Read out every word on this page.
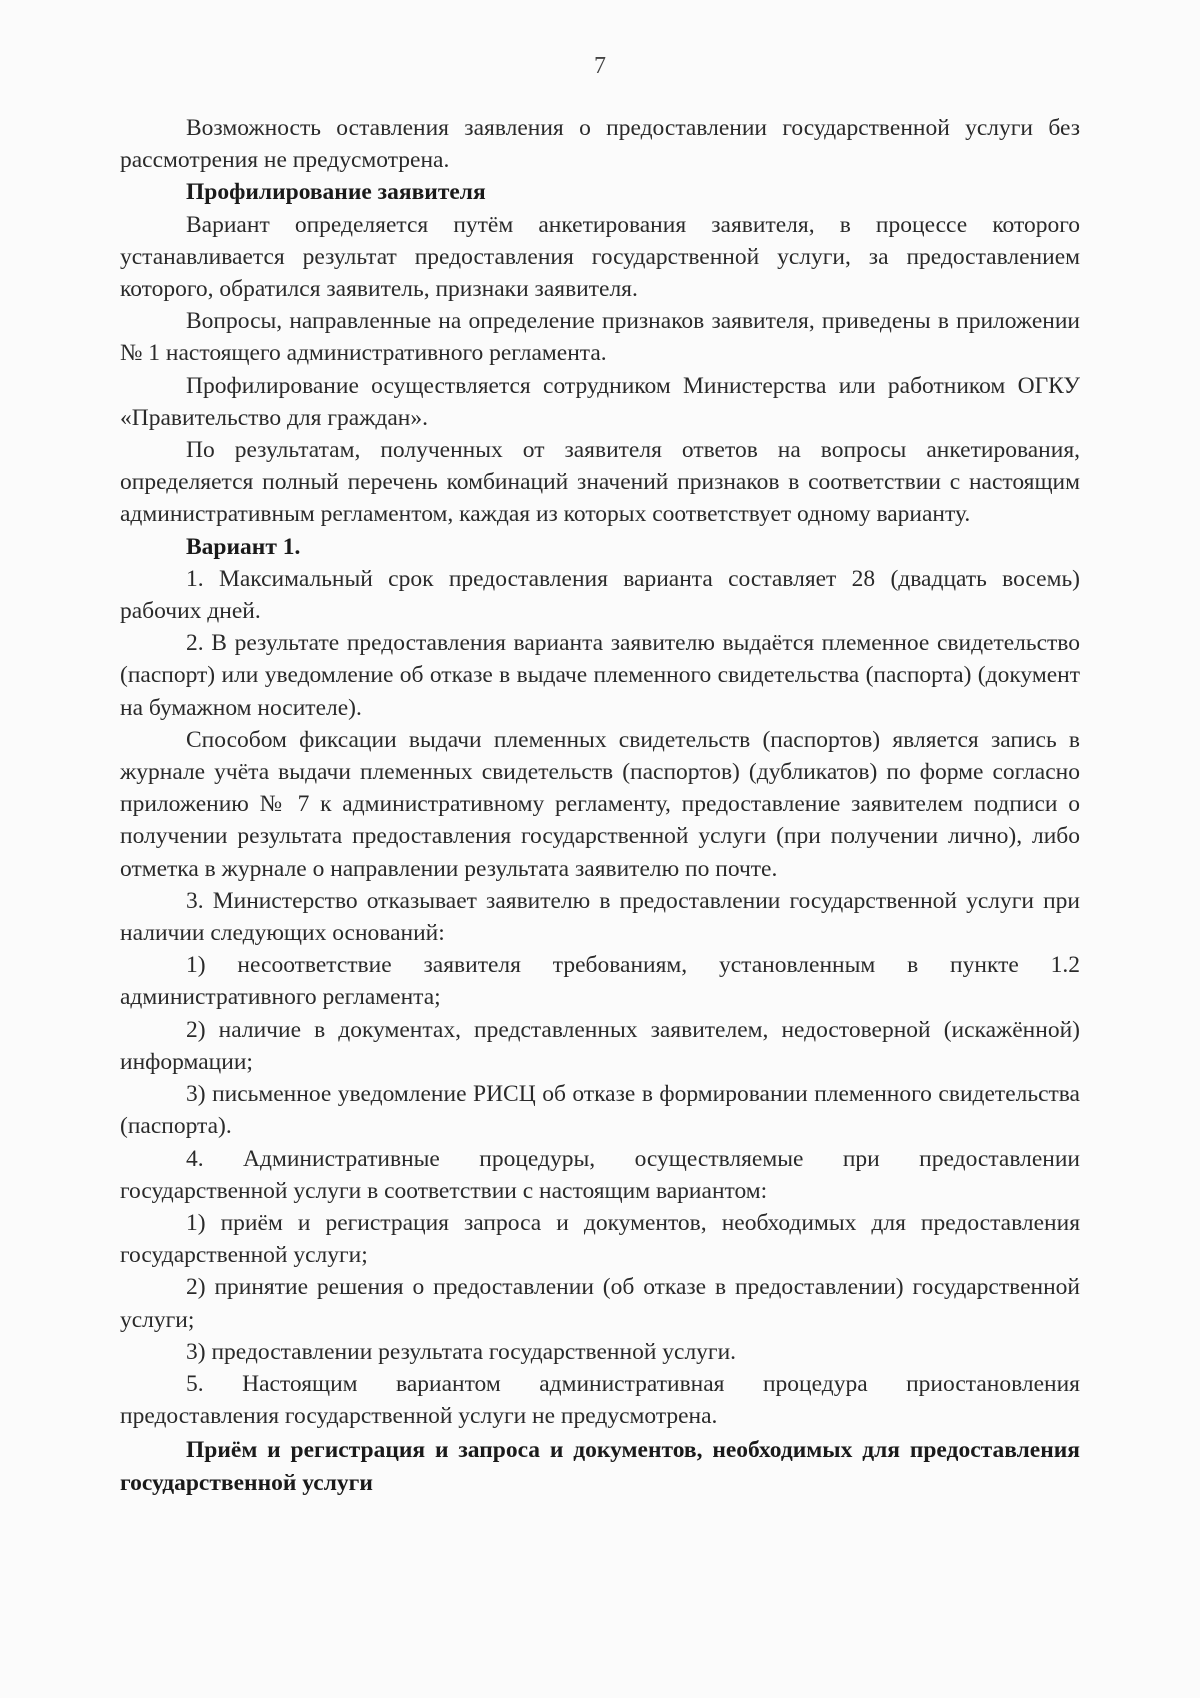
7

Возможность оставления заявления о предоставлении государственной услуги без рассмотрения не предусмотрена.

Профилирование заявителя

Вариант определяется путём анкетирования заявителя, в процессе которого устанавливается результат предоставления государственной услуги, за предоставлением которого, обратился заявитель, признаки заявителя.

Вопросы, направленные на определение признаков заявителя, приведены в приложении № 1 настоящего административного регламента.

Профилирование осуществляется сотрудником Министерства или работником ОГКУ «Правительство для граждан».

По результатам, полученных от заявителя ответов на вопросы анкетирования, определяется полный перечень комбинаций значений признаков в соответствии с настоящим административным регламентом, каждая из которых соответствует одному варианту.

Вариант 1.

1. Максимальный срок предоставления варианта составляет 28 (двадцать восемь) рабочих дней.

2. В результате предоставления варианта заявителю выдаётся племенное свидетельство (паспорт) или уведомление об отказе в выдаче племенного свидетельства (паспорта) (документ на бумажном носителе).

Способом фиксации выдачи племенных свидетельств (паспортов) является запись в журнале учёта выдачи племенных свидетельств (паспортов) (дубликатов) по форме согласно приложению № 7 к административному регламенту, предоставление заявителем подписи о получении результата предоставления государственной услуги (при получении лично), либо отметка в журнале о направлении результата заявителю по почте.

3. Министерство отказывает заявителю в предоставлении государственной услуги при наличии следующих оснований:

1) несоответствие заявителя требованиям, установленным в пункте 1.2 административного регламента;

2) наличие в документах, представленных заявителем, недостоверной (искажённой) информации;

3) письменное уведомление РИСЦ об отказе в формировании племенного свидетельства (паспорта).

4. Административные процедуры, осуществляемые при предоставлении государственной услуги в соответствии с настоящим вариантом:

1) приём и регистрация запроса и документов, необходимых для предоставления государственной услуги;

2) принятие решения о предоставлении (об отказе в предоставлении) государственной услуги;

3) предоставлении результата государственной услуги.

5. Настоящим вариантом административная процедура приостановления предоставления государственной услуги не предусмотрена.

Приём и регистрация и запроса и документов, необходимых для предоставления государственной услуги
